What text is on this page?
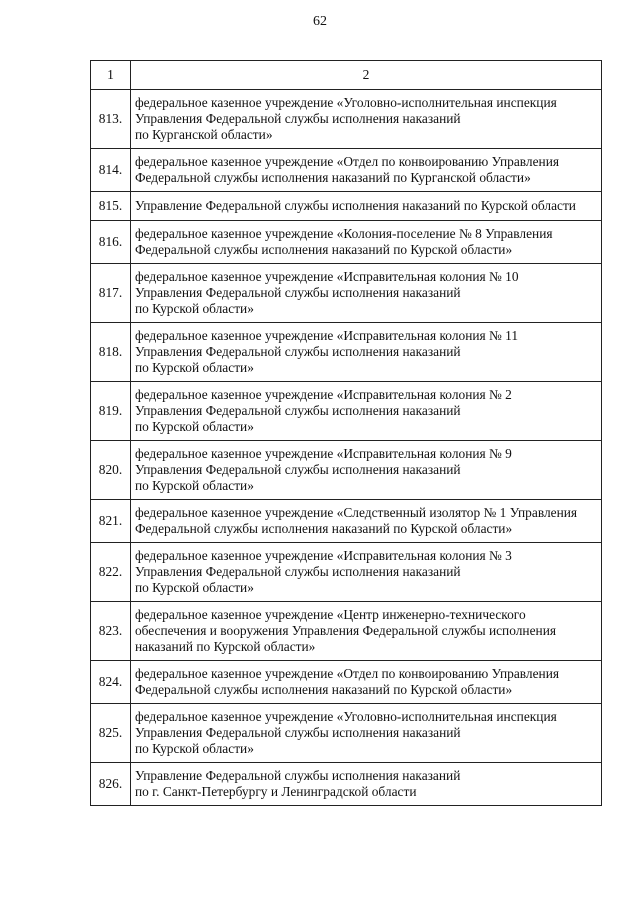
62
1	2
813.	федеральное казенное учреждение «Уголовно-исполнительная инспекция
Управления Федеральной службы исполнения наказаний
по Курганской области»
814.	федеральное казенное учреждение «Отдел по конвоированию Управления
Федеральной службы исполнения наказаний по Курганской области»
815.	Управление Федеральной службы исполнения наказаний по Курской области
816.	федеральное казенное учреждение «Колония-поселение № 8 Управления
Федеральной службы исполнения наказаний по Курской области»
817.	федеральное казенное учреждение «Исправительная колония № 10
Управления Федеральной службы исполнения наказаний
по Курской области»
818.	федеральное казенное учреждение «Исправительная колония № 11
Управления Федеральной службы исполнения наказаний
по Курской области»
819.	федеральное казенное учреждение «Исправительная колония № 2
Управления Федеральной службы исполнения наказаний
по Курской области»
820.	федеральное казенное учреждение «Исправительная колония № 9
Управления Федеральной службы исполнения наказаний
по Курской области»
821.	федеральное казенное учреждение «Следственный изолятор № 1 Управления
Федеральной службы исполнения наказаний по Курской области»
822.	федеральное казенное учреждение «Исправительная колония № 3
Управления Федеральной службы исполнения наказаний
по Курской области»
823.	федеральное казенное учреждение «Центр инженерно-технического
обеспечения и вооружения Управления Федеральной службы исполнения
наказаний по Курской области»
824.	федеральное казенное учреждение «Отдел по конвоированию Управления
Федеральной службы исполнения наказаний по Курской области»
825.	федеральное казенное учреждение «Уголовно-исполнительная инспекция
Управления Федеральной службы исполнения наказаний
по Курской области»
826.	Управление Федеральной службы исполнения наказаний
по г. Санкт-Петербургу и Ленинградской области
